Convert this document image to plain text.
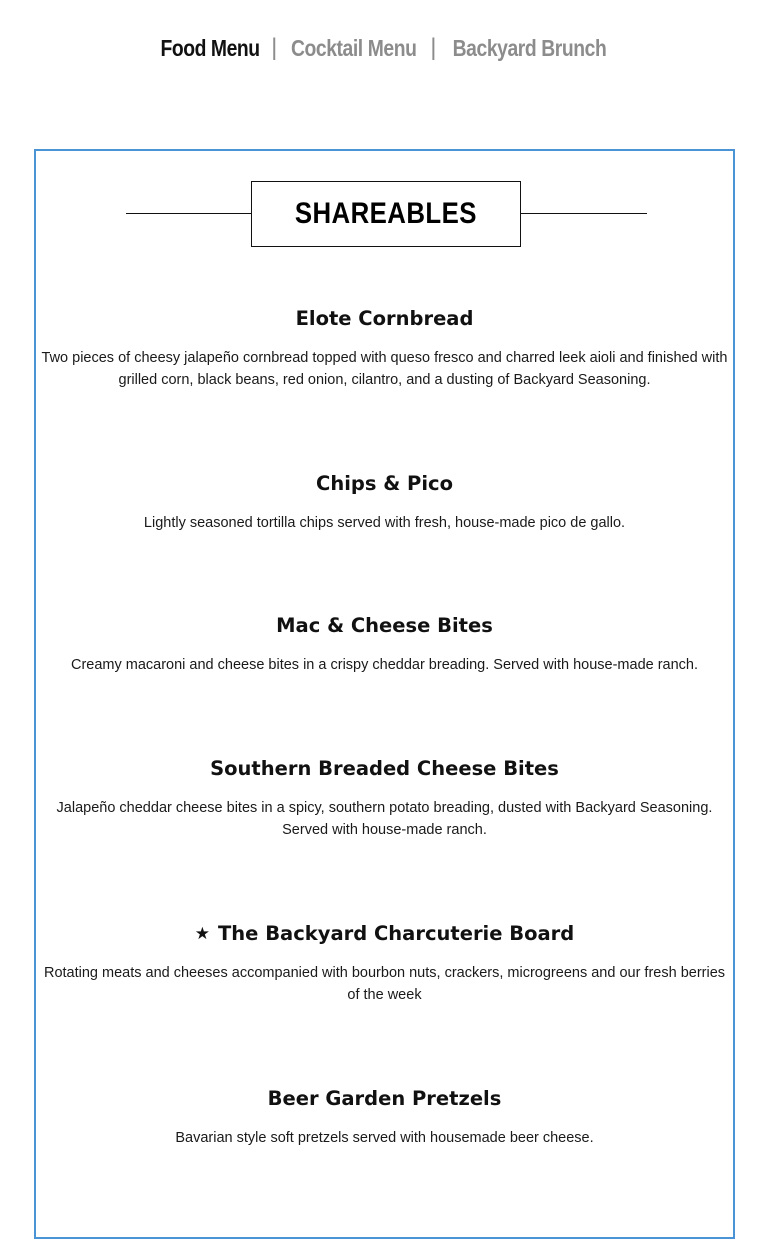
Food Menu | Cocktail Menu | Backyard Brunch
SHAREABLES
Elote Cornbread

Two pieces of cheesy jalapeño cornbread topped with queso fresco and charred leek aioli and finished with grilled corn, black beans, red onion, cilantro, and a dusting of Backyard Seasoning.

Chips & Pico

Lightly seasoned tortilla chips served with fresh, house-made pico de gallo.

Mac & Cheese Bites

Creamy macaroni and cheese bites in a crispy cheddar breading. Served with house-made ranch.

Southern Breaded Cheese Bites

Jalapeño cheddar cheese bites in a spicy, southern potato breading, dusted with Backyard Seasoning. Served with house-made ranch.

★ The Backyard Charcuterie Board

Rotating meats and cheeses accompanied with bourbon nuts, crackers, microgreens and our fresh berries of the week

Beer Garden Pretzels

Bavarian style soft pretzels served with housemade beer cheese.
